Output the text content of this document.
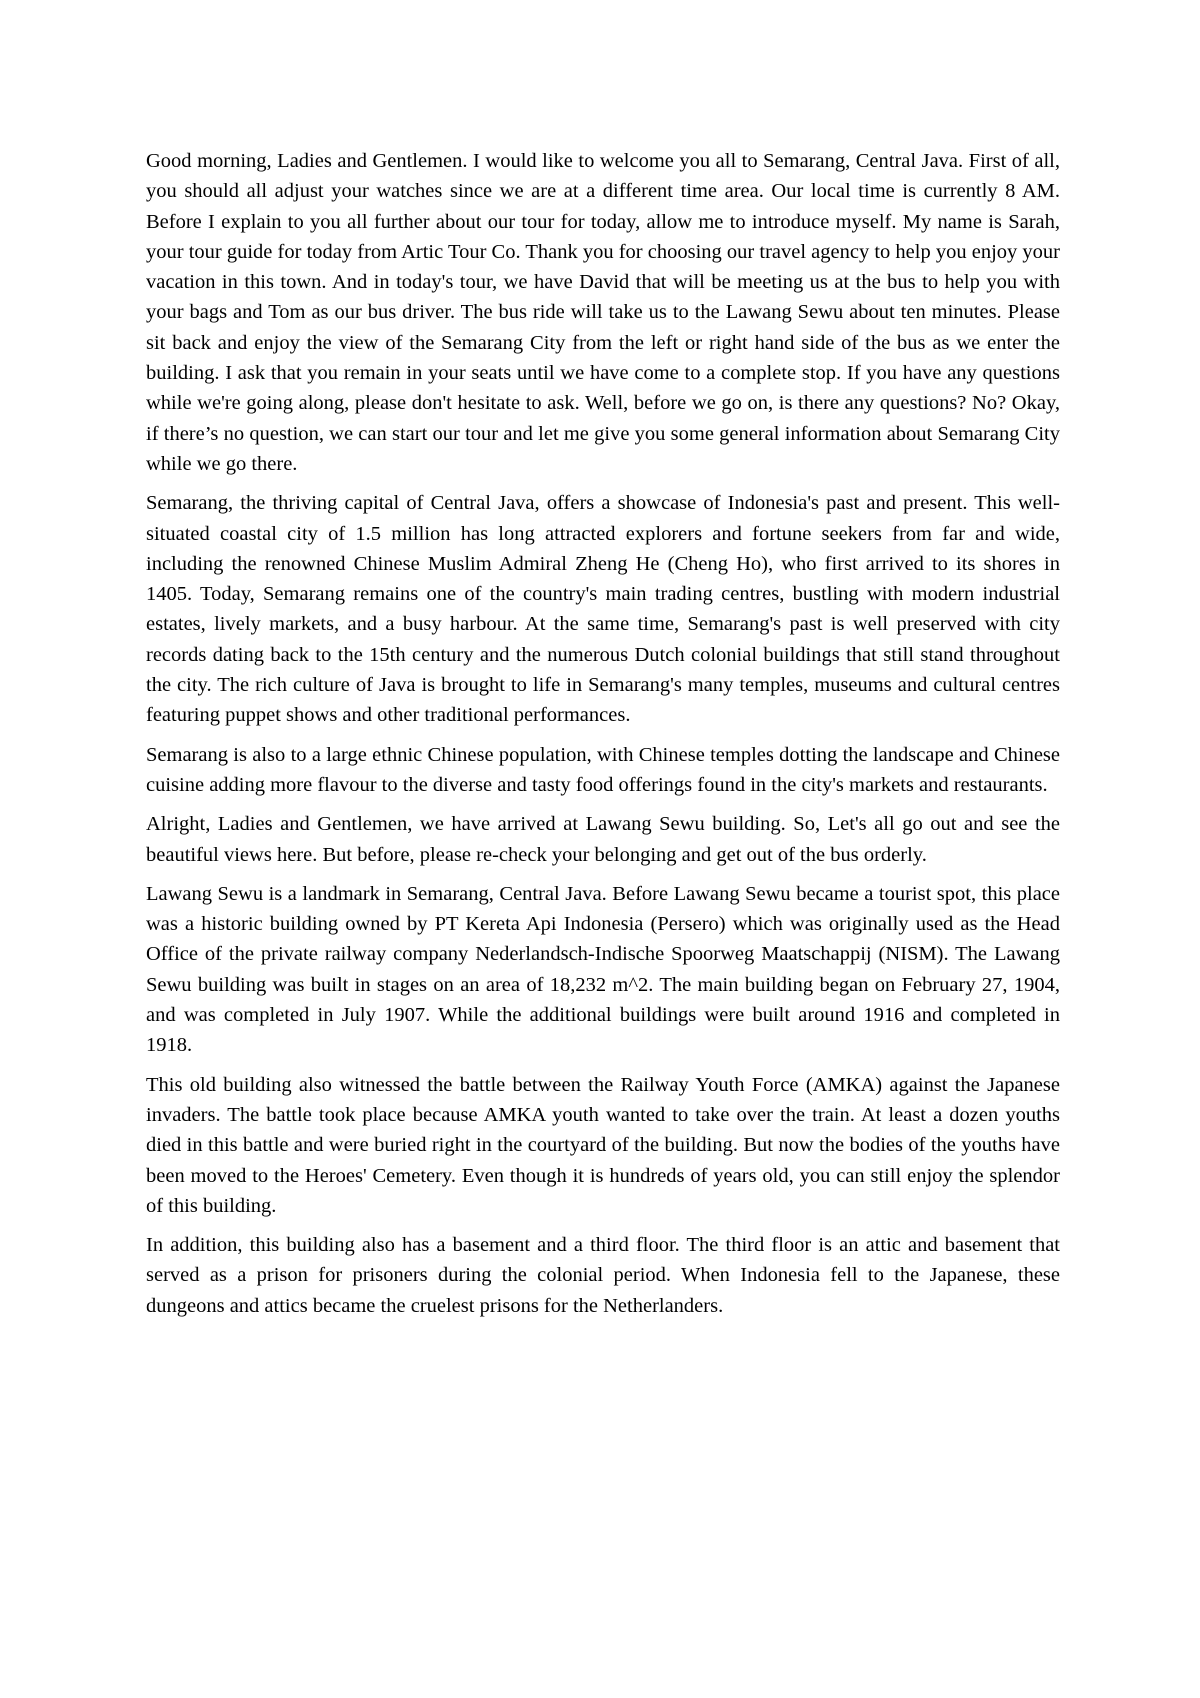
Good morning, Ladies and Gentlemen. I would like to welcome you all to Semarang, Central Java. First of all, you should all adjust your watches since we are at a different time area. Our local time is currently 8 AM. Before I explain to you all further about our tour for today, allow me to introduce myself. My name is Sarah, your tour guide for today from Artic Tour Co. Thank you for choosing our travel agency to help you enjoy your vacation in this town. And in today's tour, we have David that will be meeting us at the bus to help you with your bags and Tom as our bus driver. The bus ride will take us to the Lawang Sewu about ten minutes. Please sit back and enjoy the view of the Semarang City from the left or right hand side of the bus as we enter the building. I ask that you remain in your seats until we have come to a complete stop. If you have any questions while we're going along, please don't hesitate to ask. Well, before we go on, is there any questions? No? Okay, if there’s no question, we can start our tour and let me give you some general information about Semarang City while we go there.

Semarang, the thriving capital of Central Java, offers a showcase of Indonesia's past and present. This well-situated coastal city of 1.5 million has long attracted explorers and fortune seekers from far and wide, including the renowned Chinese Muslim Admiral Zheng He (Cheng Ho), who first arrived to its shores in 1405. Today, Semarang remains one of the country's main trading centres, bustling with modern industrial estates, lively markets, and a busy harbour. At the same time, Semarang's past is well preserved with city records dating back to the 15th century and the numerous Dutch colonial buildings that still stand throughout the city. The rich culture of Java is brought to life in Semarang's many temples, museums and cultural centres featuring puppet shows and other traditional performances.

Semarang is also to a large ethnic Chinese population, with Chinese temples dotting the landscape and Chinese cuisine adding more flavour to the diverse and tasty food offerings found in the city's markets and restaurants.

Alright, Ladies and Gentlemen, we have arrived at Lawang Sewu building. So, Let's all go out and see the beautiful views here. But before, please re-check your belonging and get out of the bus orderly.

Lawang Sewu is a landmark in Semarang, Central Java. Before Lawang Sewu became a tourist spot, this place was a historic building owned by PT Kereta Api Indonesia (Persero) which was originally used as the Head Office of the private railway company Nederlandsch-Indische Spoorweg Maatschappij (NISM). The Lawang Sewu building was built in stages on an area of 18,232 m^2. The main building began on February 27, 1904, and was completed in July 1907. While the additional buildings were built around 1916 and completed in 1918.

This old building also witnessed the battle between the Railway Youth Force (AMKA) against the Japanese invaders. The battle took place because AMKA youth wanted to take over the train. At least a dozen youths died in this battle and were buried right in the courtyard of the building. But now the bodies of the youths have been moved to the Heroes' Cemetery. Even though it is hundreds of years old, you can still enjoy the splendor of this building.

In addition, this building also has a basement and a third floor. The third floor is an attic and basement that served as a prison for prisoners during the colonial period. When Indonesia fell to the Japanese, these dungeons and attics became the cruelest prisons for the Netherlanders.
